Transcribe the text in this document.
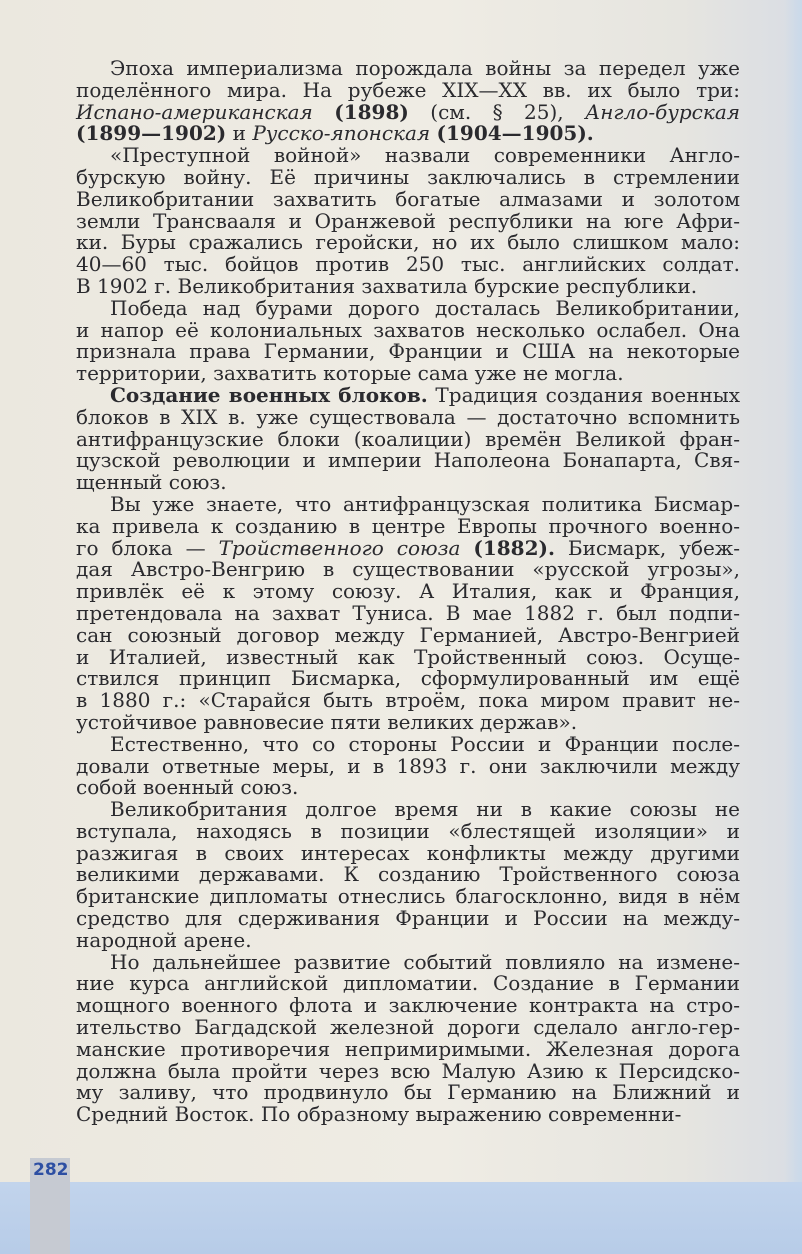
Эпоха империализма порождала войны за передел уже
поделённого мира. На рубеже XIX—XX вв. их было три:
Испано-американская (1898) (см. § 25), Англо-бурская
(1899—1902) и Русско-японская (1904—1905).

«Преступной войной» назвали современники Англо-
бурскую войну. Её причины заключались в стремлении
Великобритании захватить богатые алмазами и золотом
земли Трансвааля и Оранжевой республики на юге Афри-
ки. Буры сражались геройски, но их было слишком мало:
40—60 тыс. бойцов против 250 тыс. английских солдат.
В 1902 г. Великобритания захватила бурские республики.

Победа над бурами дорого досталась Великобритании,
и напор её колониальных захватов несколько ослабел. Она
признала права Германии, Франции и США на некоторые
территории, захватить которые сама уже не могла.

Создание военных блоков. Традиция создания военных
блоков в XIX в. уже существовала — достаточно вспомнить
антифранцузские блоки (коалиции) времён Великой фран-
цузской революции и империи Наполеона Бонапарта, Свя-
щенный союз.

Вы уже знаете, что антифранцузская политика Бисмар-
ка привела к созданию в центре Европы прочного военно-
го блока — Тройственного союза (1882). Бисмарк, убеж-
дая Австро-Венгрию в существовании «русской угрозы»,
привлёк её к этому союзу. А Италия, как и Франция,
претендовала на захват Туниса. В мае 1882 г. был подпи-
сан союзный договор между Германией, Австро-Венгрией
и Италией, известный как Тройственный союз. Осуще-
ствился принцип Бисмарка, сформулированный им ещё
в 1880 г.: «Старайся быть втроём, пока миром правит не-
устойчивое равновесие пяти великих держав».

Естественно, что со стороны России и Франции после-
довали ответные меры, и в 1893 г. они заключили между
собой военный союз.

Великобритания долгое время ни в какие союзы не
вступала, находясь в позиции «блестящей изоляции» и
разжигая в своих интересах конфликты между другими
великими державами. К созданию Тройственного союза
британские дипломаты отнеслись благосклонно, видя в нём
средство для сдерживания Франции и России на между-
народной арене.

Но дальнейшее развитие событий повлияло на измене-
ние курса английской дипломатии. Создание в Германии
мощного военного флота и заключение контракта на стро-
ительство Багдадской железной дороги сделало англо-гер-
манские противоречия непримиримыми. Железная дорога
должна была пройти через всю Малую Азию к Персидско-
му заливу, что продвинуло бы Германию на Ближний и
Средний Восток. По образному выражению современни-

282
